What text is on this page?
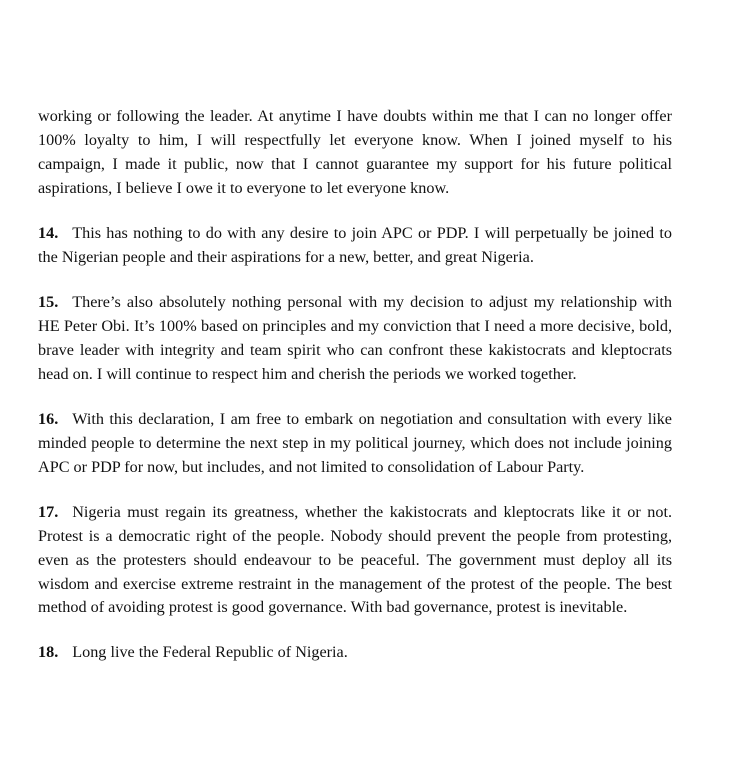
working or following the leader. At anytime I have doubts within me that I can no longer offer 100% loyalty to him, I will respectfully let everyone know. When I joined myself to his campaign, I made it public, now that I cannot guarantee my support for his future political aspirations, I believe I owe it to everyone to let everyone know.

14. This has nothing to do with any desire to join APC or PDP. I will perpetually be joined to the Nigerian people and their aspirations for a new, better, and great Nigeria.

15. There’s also absolutely nothing personal with my decision to adjust my relationship with HE Peter Obi. It’s 100% based on principles and my conviction that I need a more decisive, bold, brave leader with integrity and team spirit who can confront these kakistocrats and kleptocrats head on. I will continue to respect him and cherish the periods we worked together.

16. With this declaration, I am free to embark on negotiation and consultation with every like minded people to determine the next step in my political journey, which does not include joining APC or PDP for now, but includes, and not limited to consolidation of Labour Party.

17. Nigeria must regain its greatness, whether the kakistocrats and kleptocrats like it or not. Protest is a democratic right of the people. Nobody should prevent the people from protesting, even as the protesters should endeavour to be peaceful. The government must deploy all its wisdom and exercise extreme restraint in the management of the protest of the people. The best method of avoiding protest is good governance. With bad governance, protest is inevitable.

18. Long live the Federal Republic of Nigeria.
